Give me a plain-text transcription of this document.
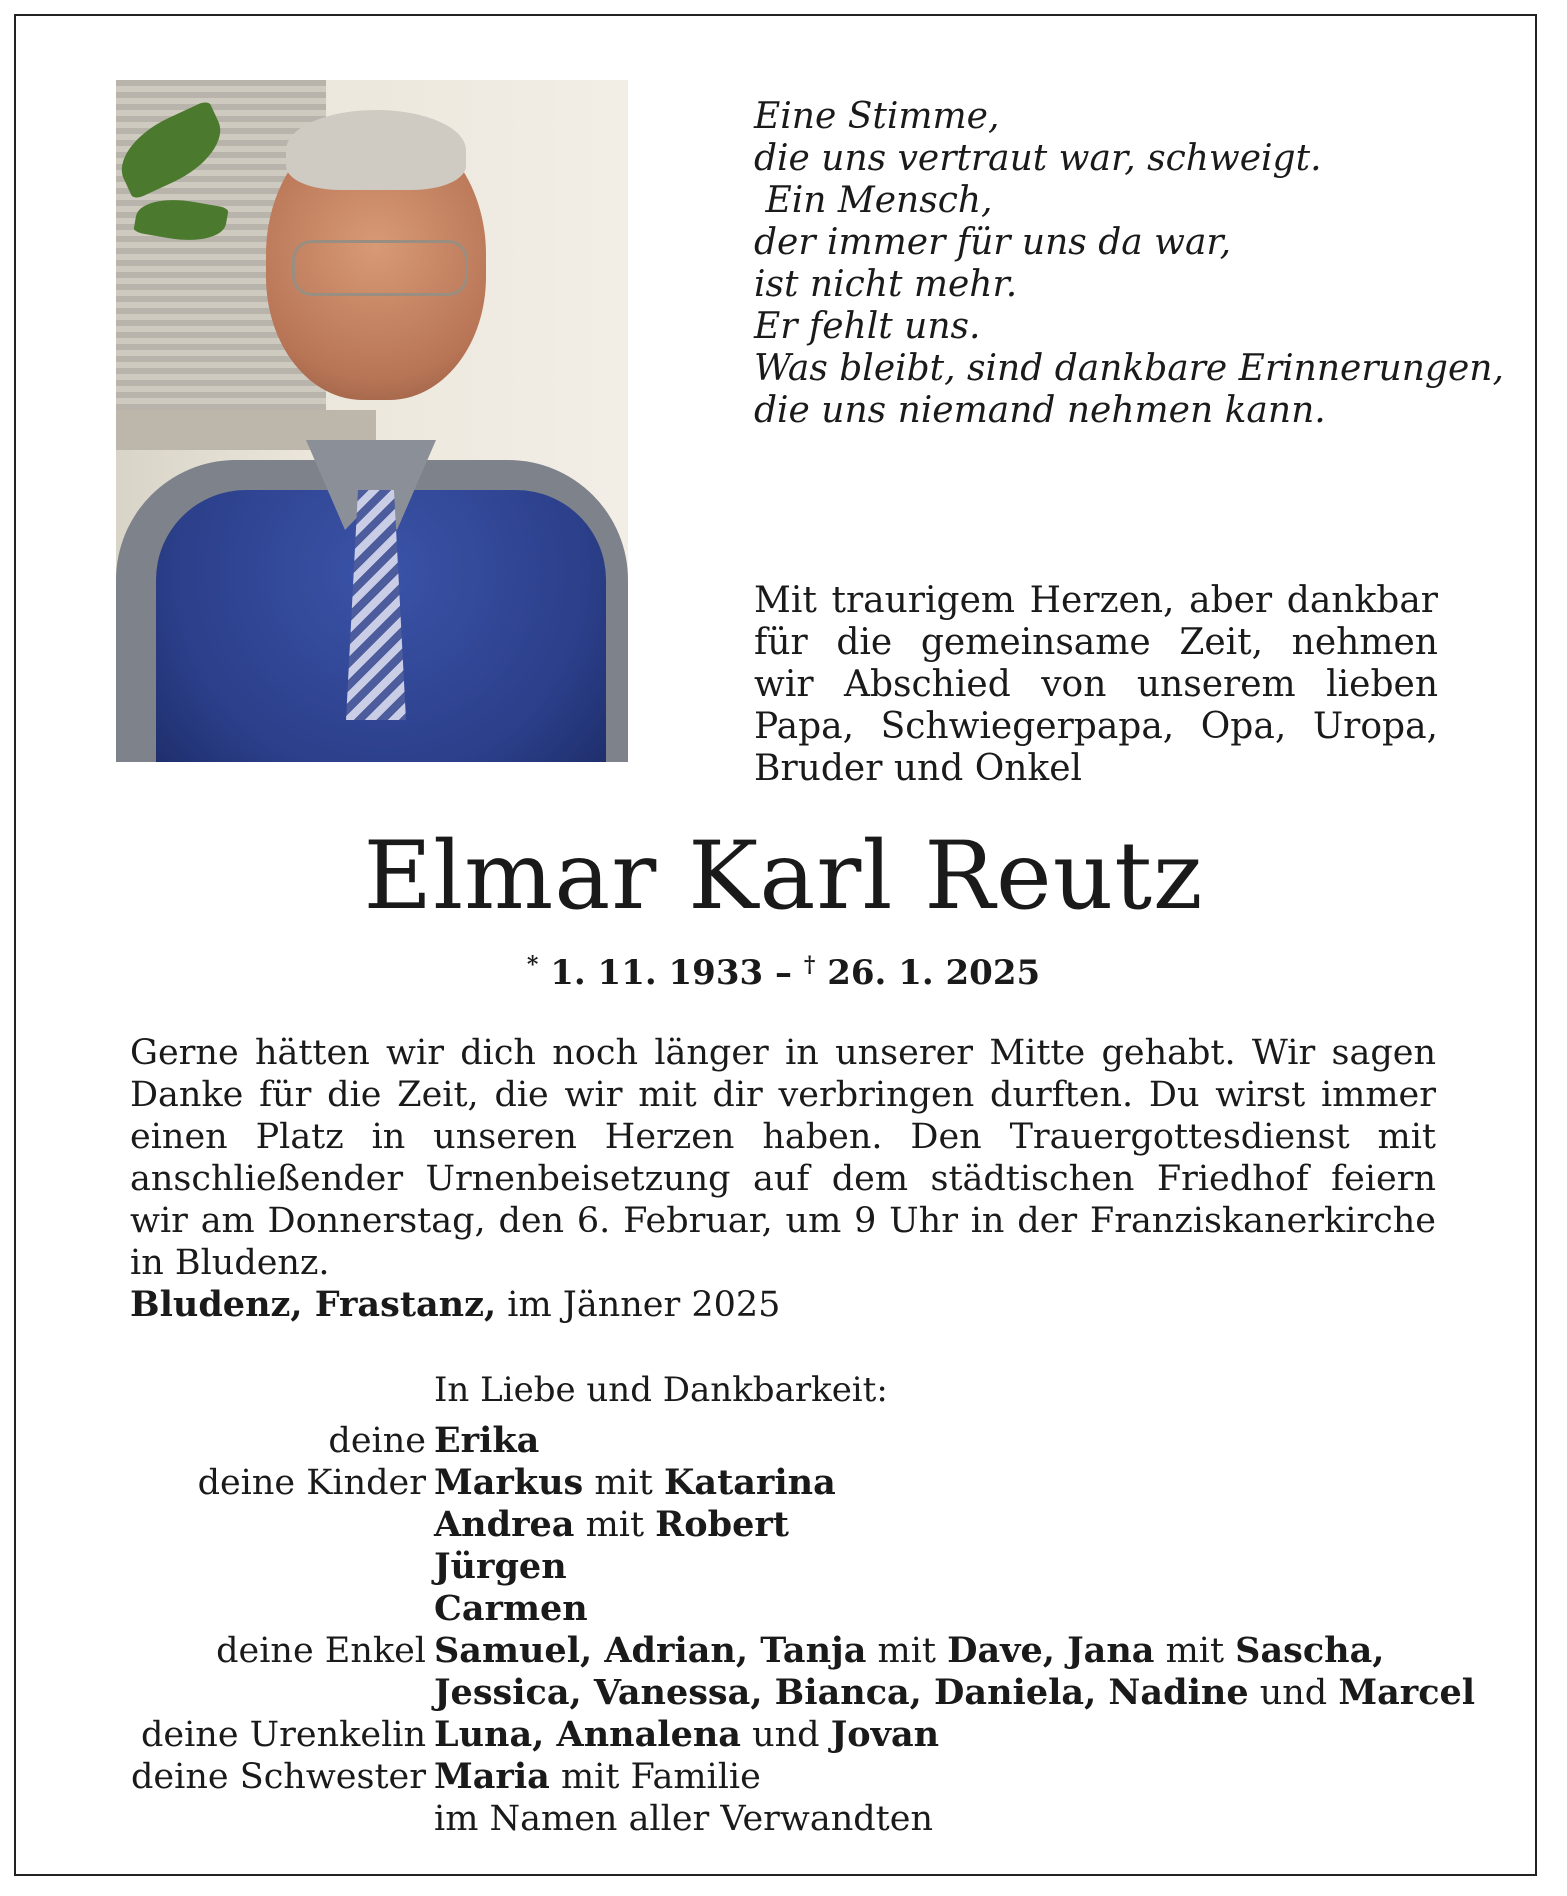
Eine Stimme,
die uns vertraut war, schweigt.
Ein Mensch,
der immer für uns da war,
ist nicht mehr.
Er fehlt uns.
Was bleibt, sind dankbare Erinnerungen,
die uns niemand nehmen kann.
Mit traurigem Herzen, aber dankbar für die gemeinsame Zeit, nehmen wir Abschied von unserem lieben Papa, Schwiegerpapa, Opa, Uropa, Bruder und Onkel
Elmar Karl Reutz
* 1. 11. 1933 – † 26. 1. 2025
Gerne hätten wir dich noch länger in unserer Mitte gehabt. Wir sagen Danke für die Zeit, die wir mit dir verbringen durften. Du wirst immer einen Platz in unseren Herzen haben. Den Trauergottesdienst mit anschließender Urnenbeisetzung auf dem städtischen Friedhof feiern wir am Donnerstag, den 6. Februar, um 9 Uhr in der Franziskanerkirche in Bludenz.
Bludenz, Frastanz, im Jänner 2025
In Liebe und Dankbarkeit:
deine Erika
deine Kinder Markus mit Katarina
Andrea mit Robert
Jürgen
Carmen
deine Enkel Samuel, Adrian, Tanja mit Dave, Jana mit Sascha,
Jessica, Vanessa, Bianca, Daniela, Nadine und Marcel
deine Urenkelin Luna, Annalena und Jovan
deine Schwester Maria mit Familie
im Namen aller Verwandten
